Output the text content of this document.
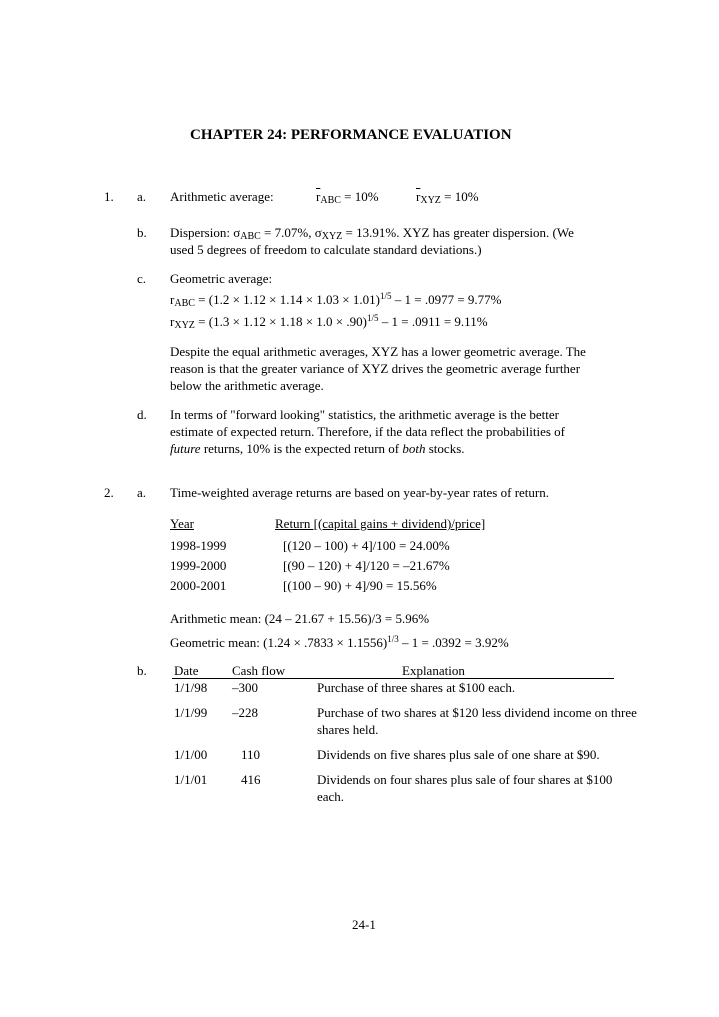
CHAPTER 24: PERFORMANCE EVALUATION
1. a. Arithmetic average:	$\overline{r}_{ABC} = 10\%$	$\overline{r}_{XYZ} = 10\%$
b. Dispersion: $\sigma_{ABC} = 7.07\%$, $\sigma_{XYZ} = 13.91\%$. XYZ has greater dispersion. (We
used 5 degrees of freedom to calculate standard deviations.)
c. Geometric average:
$r_{ABC} = (1.2 \times 1.12 \times 1.14 \times 1.03 \times 1.01)^{1/5} - 1 = .0977 = 9.77\%$
$r_{XYZ} = (1.3 \times 1.12 \times 1.18 \times 1.0 \times .90)^{1/5} - 1 = .0911 = 9.11\%$
Despite the equal arithmetic averages, XYZ has a lower geometric average. The
reason is that the greater variance of XYZ drives the geometric average further
below the arithmetic average.
d. In terms of "forward looking" statistics, the arithmetic average is the better
estimate of expected return. Therefore, if the data reflect the probabilities of
future returns, 10% is the expected return of both stocks.
2. a. Time-weighted average returns are based on year-by-year rates of return.
Year	Return [(capital gains + dividend)/price]
1998-1999	[(120 – 100) + 4]/100 = 24.00%
1999-2000	[(90 – 120) + 4]/120 = –21.67%
2000-2001	[(100 – 90) + 4]/90 = 15.56%
Arithmetic mean: (24 – 21.67 + 15.56)/3 = 5.96%
Geometric mean: $(1.24 \times .7833 \times 1.1556)^{1/3} - 1 = .0392 = 3.92\%$
b. Date	Cash flow	Explanation
1/1/98 –300	Purchase of three shares at $100 each.
1/1/99 –228	Purchase of two shares at $120 less dividend income on three
shares held.
1/1/00	110	Dividends on five shares plus sale of one share at $90.
1/1/01	416	Dividends on four shares plus sale of four shares at $100
each.
24-1
